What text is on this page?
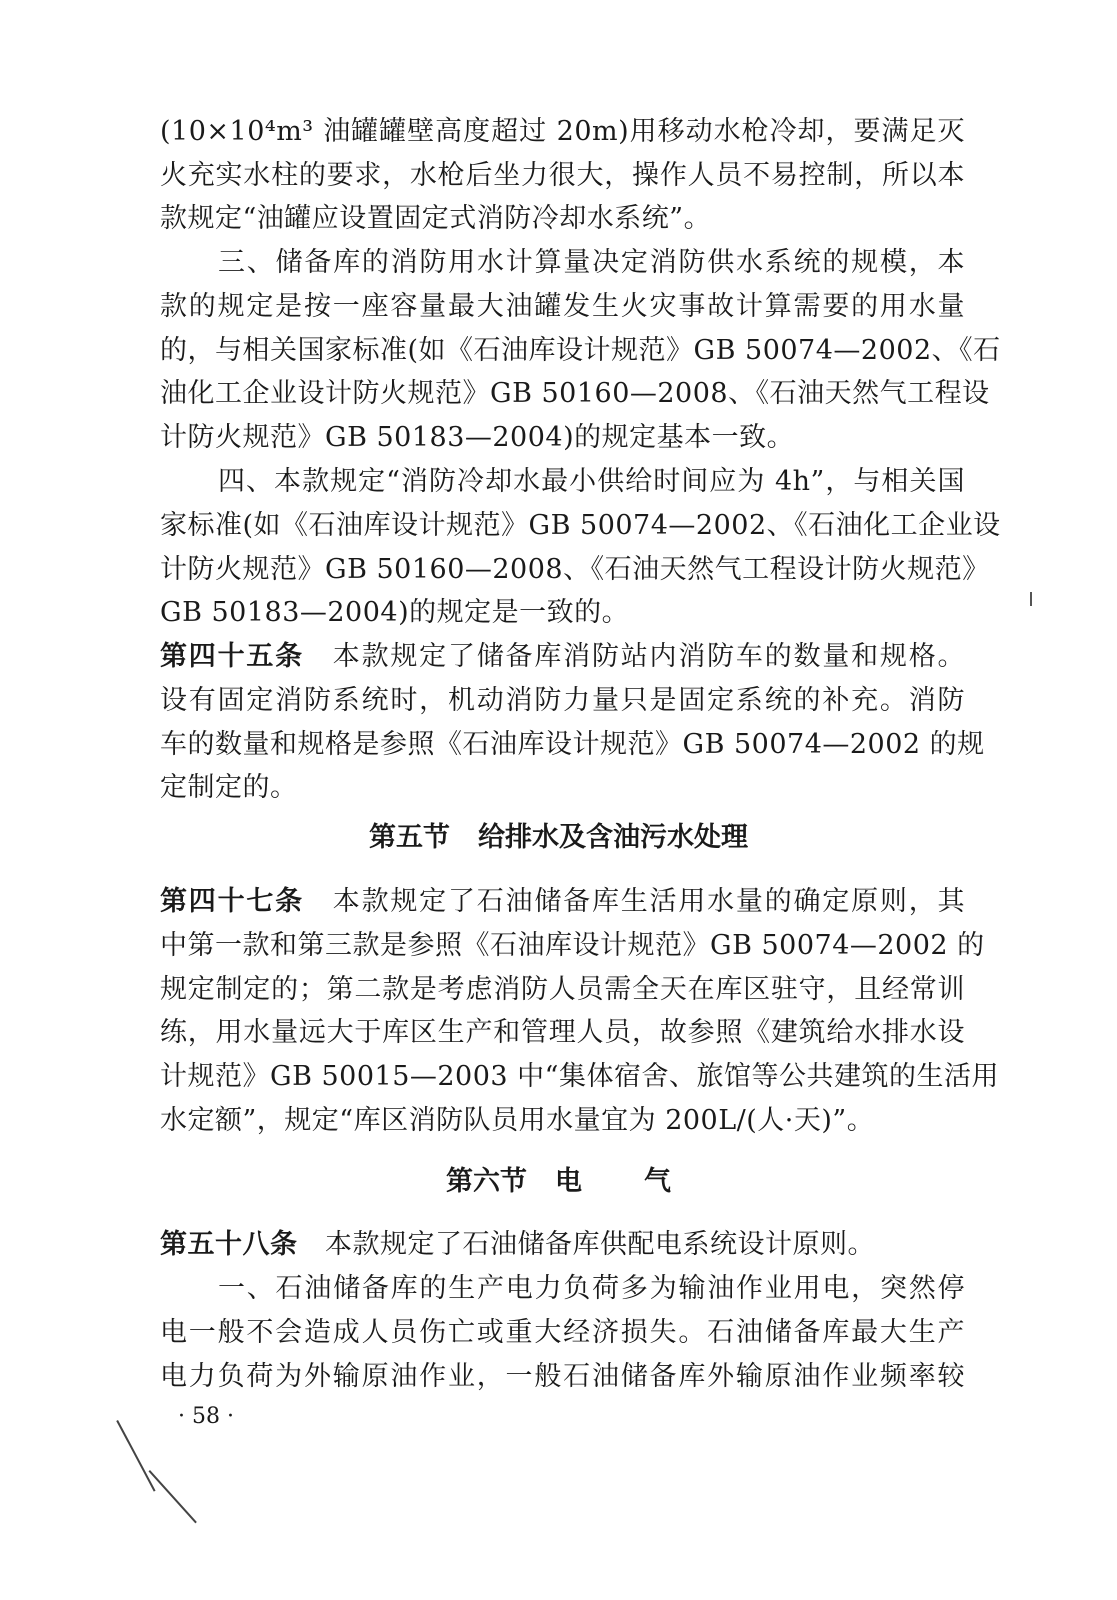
(10×10⁴m³ 油罐罐壁高度超过 20m)用移动水枪冷却，要满足灭
火充实水柱的要求，水枪后坐力很大，操作人员不易控制，所以本
款规定“油罐应设置固定式消防冷却水系统”。
三、储备库的消防用水计算量决定消防供水系统的规模，本
款的规定是按一座容量最大油罐发生火灾事故计算需要的用水量
的，与相关国家标准(如《石油库设计规范》GB 50074—2002、《石
油化工企业设计防火规范》GB 50160—2008、《石油天然气工程设
计防火规范》GB 50183—2004)的规定基本一致。
四、本款规定“消防冷却水最小供给时间应为 4h”，与相关国
家标准(如《石油库设计规范》GB 50074—2002、《石油化工企业设
计防火规范》GB 50160—2008、《石油天然气工程设计防火规范》
GB 50183—2004)的规定是一致的。
第四十五条  本款规定了储备库消防站内消防车的数量和规格。
设有固定消防系统时，机动消防力量只是固定系统的补充。消防
车的数量和规格是参照《石油库设计规范》GB 50074—2002 的规
定制定的。
第五节 给排水及含油污水处理
第四十七条  本款规定了石油储备库生活用水量的确定原则，其
中第一款和第三款是参照《石油库设计规范》GB 50074—2002 的
规定制定的；第二款是考虑消防人员需全天在库区驻守，且经常训
练，用水量远大于库区生产和管理人员，故参照《建筑给水排水设
计规范》GB 50015—2003 中“集体宿舍、旅馆等公共建筑的生活用
水定额”，规定“库区消防队员用水量宜为 200L/(人·天)”。
第六节 电 气
第五十八条  本款规定了石油储备库供配电系统设计原则。
一、石油储备库的生产电力负荷多为输油作业用电，突然停
电一般不会造成人员伤亡或重大经济损失。石油储备库最大生产
电力负荷为外输原油作业，一般石油储备库外输原油作业频率较
· 58 ·
